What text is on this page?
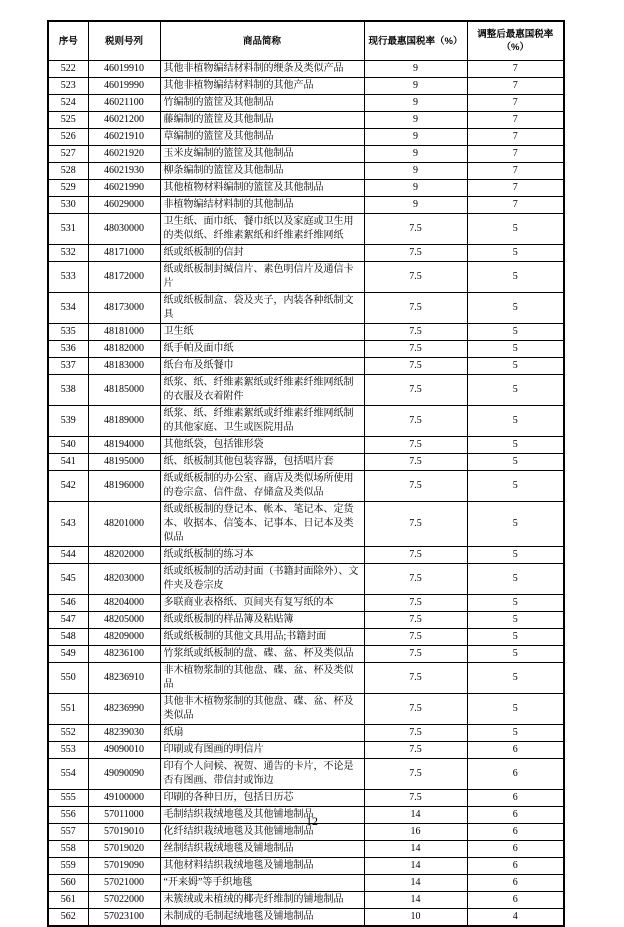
序号	税则号列	商品简称	现行最惠国税率（%）	调整后最惠国税率（%）
522	46019910	其他非植物编结材料制的缏条及类似产品	9	7
523	46019990	其他非植物编结材料制的其他产品	9	7
524	46021100	竹编制的篮筐及其他制品	9	7
525	46021200	藤编制的篮筐及其他制品	9	7
526	46021910	草编制的篮筐及其他制品	9	7
527	46021920	玉米皮编制的篮筐及其他制品	9	7
528	46021930	柳条编制的篮筐及其他制品	9	7
529	46021990	其他植物材料编制的篮筐及其他制品	9	7
530	46029000	非植物编结材料制的其他制品	9	7
531	48030000	卫生纸、面巾纸、餐巾纸以及家庭或卫生用的类似纸、纤维素絮纸和纤维素纤维网纸	7.5	5
532	48171000	纸或纸板制的信封	7.5	5
533	48172000	纸或纸板制封缄信片、素色明信片及通信卡片	7.5	5
534	48173000	纸或纸板制盒、袋及夹子，内装各种纸制文具	7.5	5
535	48181000	卫生纸	7.5	5
536	48182000	纸手帕及面巾纸	7.5	5
537	48183000	纸台布及纸餐巾	7.5	5
538	48185000	纸浆、纸、纤维素絮纸或纤维素纤维网纸制的衣服及衣着附件	7.5	5
539	48189000	纸浆、纸、纤维素絮纸或纤维素纤维网纸制的其他家庭、卫生或医院用品	7.5	5
540	48194000	其他纸袋，包括锥形袋	7.5	5
541	48195000	纸、纸板制其他包装容器，包括唱片套	7.5	5
542	48196000	纸或纸板制的办公室、商店及类似场所使用的卷宗盒、信件盘、存储盒及类似品	7.5	5
543	48201000	纸或纸板制的登记本、帐本、笔记本、定货本、收据本、信笺本、记事本、日记本及类似品	7.5	5
544	48202000	纸或纸板制的练习本	7.5	5
545	48203000	纸或纸板制的活动封面（书籍封面除外）、文件夹及卷宗皮	7.5	5
546	48204000	多联商业表格纸、页间夹有复写纸的本	7.5	5
547	48205000	纸或纸板制的样品簿及粘贴簿	7.5	5
548	48209000	纸或纸板制的其他文具用品;书籍封面	7.5	5
549	48236100	竹浆纸或纸板制的盘、碟、盆、杯及类似品	7.5	5
550	48236910	非木植物浆制的其他盘、碟、盆、杯及类似品	7.5	5
551	48236990	其他非木植物浆制的其他盘、碟、盆、杯及类似品	7.5	5
552	48239030	纸扇	7.5	5
553	49090010	印刷或有图画的明信片	7.5	6
554	49090090	印有个人问候、祝贺、通告的卡片，不论是否有图画、带信封或饰边	7.5	6
555	49100000	印刷的各种日历，包括日历芯	7.5	6
556	57011000	毛制结织栽绒地毯及其他铺地制品	14	6
557	57019010	化纤结织栽绒地毯及其他铺地制品	16	6
558	57019020	丝制结织栽绒地毯及铺地制品	14	6
559	57019090	其他材料结织栽绒地毯及铺地制品	14	6
560	57021000	“开来姆”等手织地毯	14	6
561	57022000	未簇绒或未植绒的椰壳纤维制的铺地制品	14	6
562	57023100	未制成的毛制起绒地毯及铺地制品	10	4
12
